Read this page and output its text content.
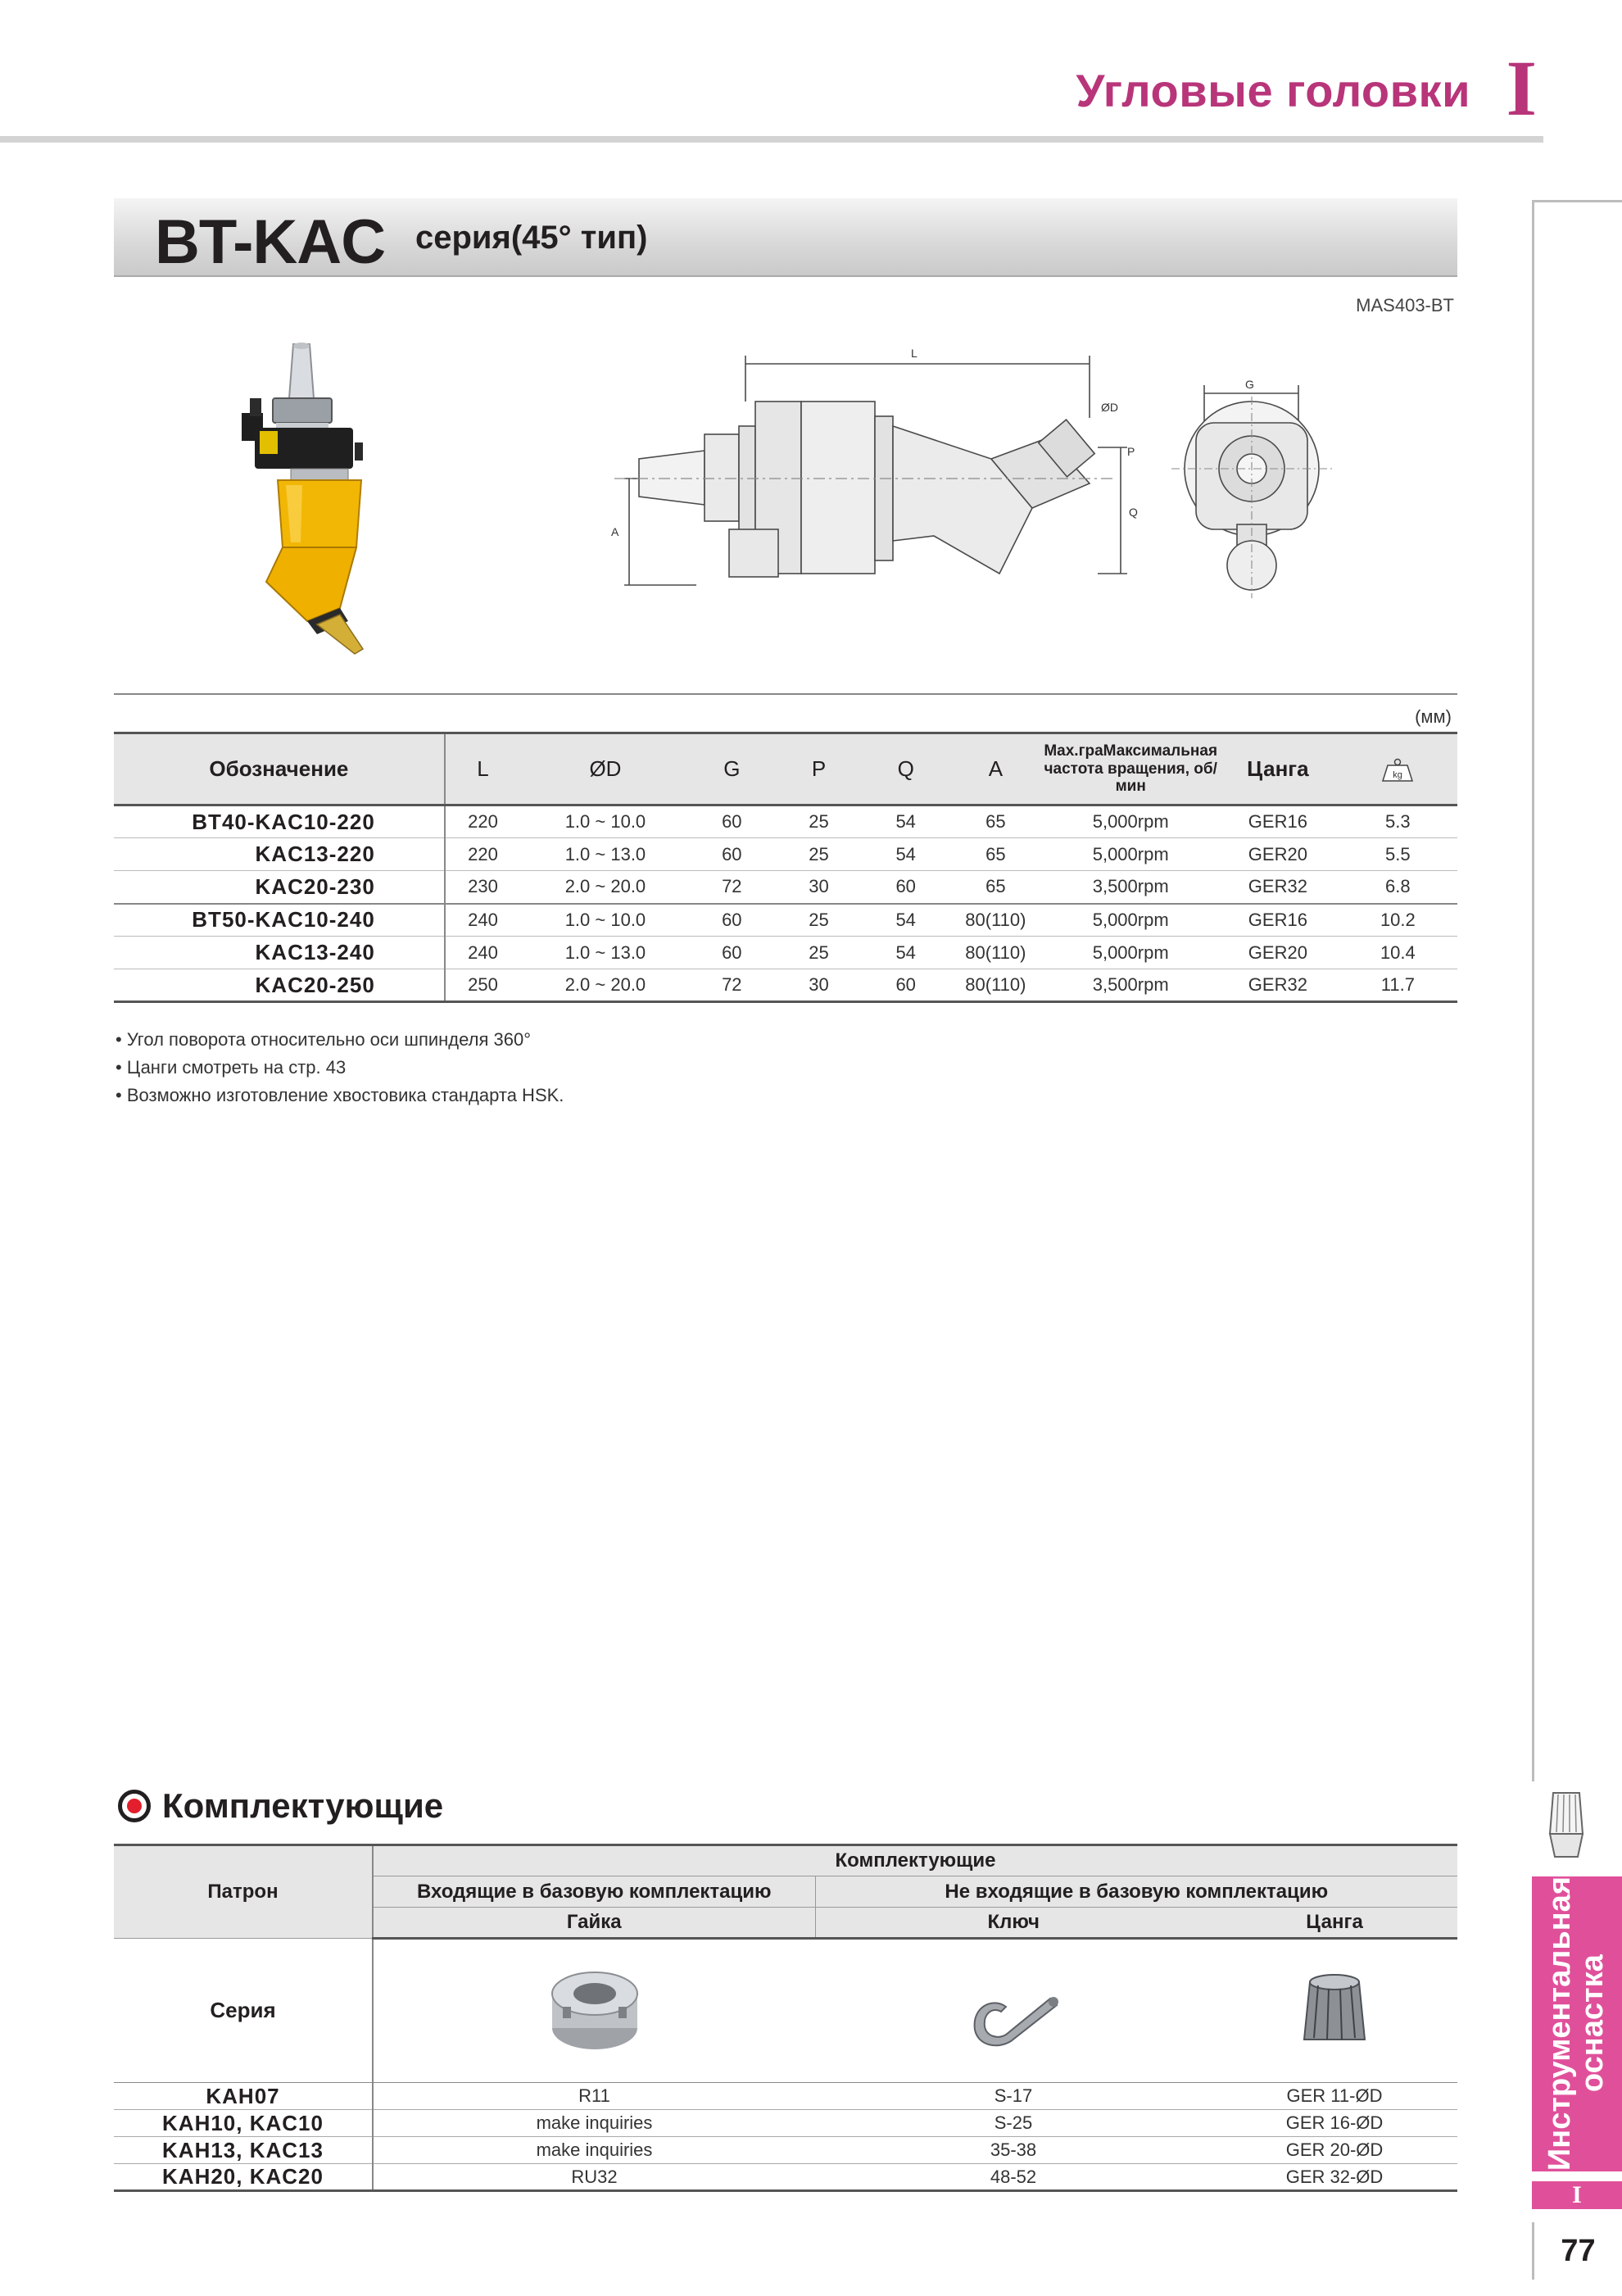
Угловые головки I
Инструментальная
оснастка
I
77
BT-KAC серия(45° тип)
MAS403-BT
L
A
Q
P
ØD
G
(мм)
Обозначение	L	ØD	G	P	Q	A	Max.граМаксимальная частота вращения, об/мин	Цанга	kg

BT40-KAC10-220	220	1.0 ~ 10.0	60	25	54	65	5,000rpm	GER16	5.3
KAC13-220	220	1.0 ~ 13.0	60	25	54	65	5,000rpm	GER20	5.5
KAC20-230	230	2.0 ~ 20.0	72	30	60	65	3,500rpm	GER32	6.8
BT50-KAC10-240	240	1.0 ~ 10.0	60	25	54	80(110)	5,000rpm	GER16	10.2
KAC13-240	240	1.0 ~ 13.0	60	25	54	80(110)	5,000rpm	GER20	10.4
KAC20-250	250	2.0 ~ 20.0	72	30	60	80(110)	3,500rpm	GER32	11.7
• Угол поворота относительно оси шпинделя 360°
• Цанги смотреть на стр. 43
• Возможно изготовление хвостовика стандарта HSK.
Комплектующие
Патрон	Комплектующие		
	Входящие в базовую комплектацию	Не входящие в базовую комплектацию	
	Гайка	Ключ	Цанга
Серия			
KAH07	R11	S-17	GER 11-ØD
KAH10, KAC10	make inquiries	S-25	GER 16-ØD
KAH13, KAC13	make inquiries	35-38	GER 20-ØD
KAH20, KAC20	RU32	48-52	GER 32-ØD
